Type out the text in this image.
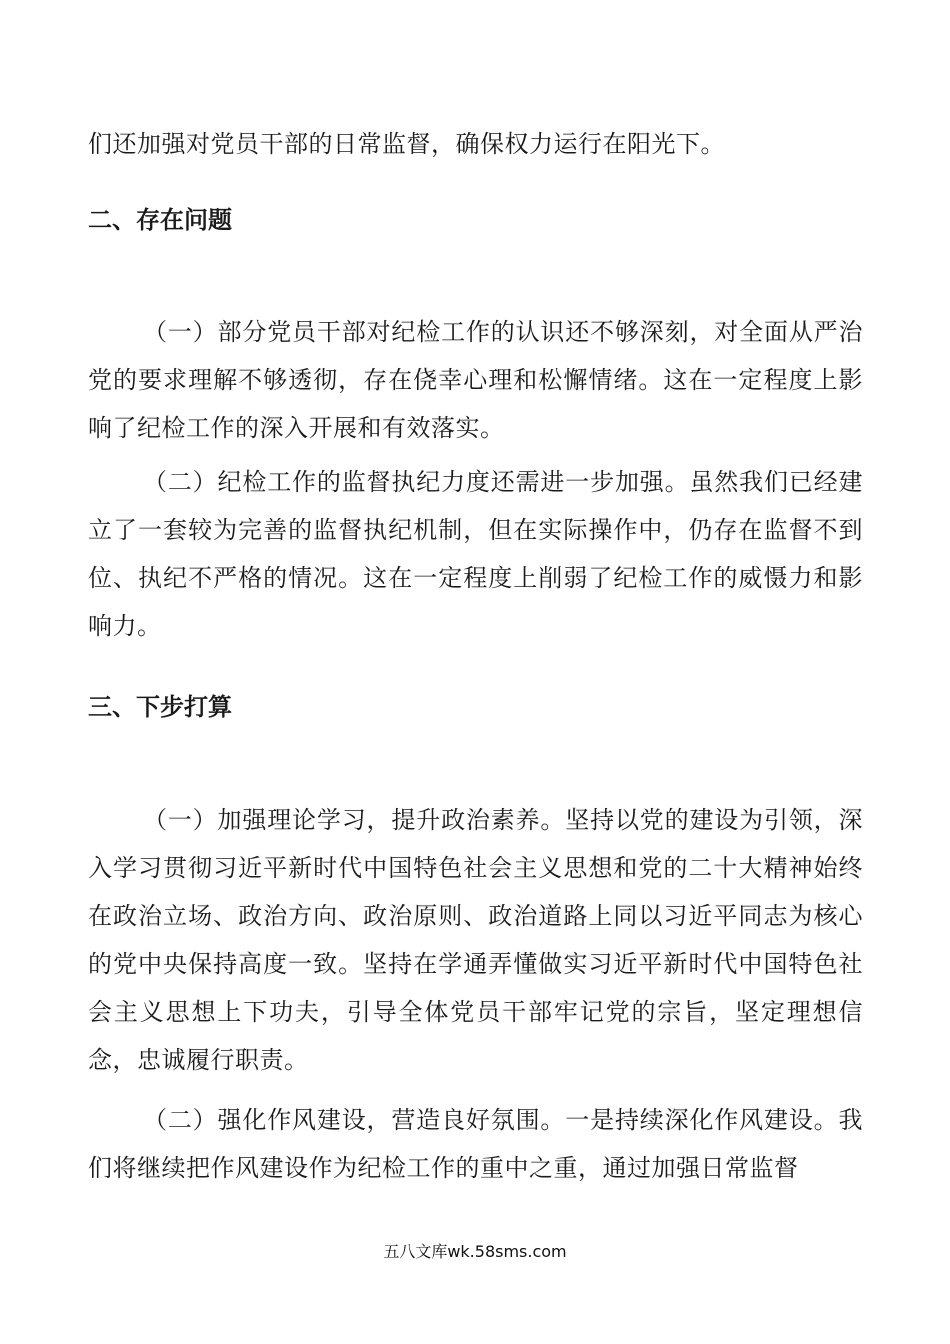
们还加强对党员干部的日常监督，确保权力运行在阳光下。

二、存在问题

（一）部分党员干部对纪检工作的认识还不够深刻，对全面从严治党的要求理解不够透彻，存在侥幸心理和松懈情绪。这在一定程度上影响了纪检工作的深入开展和有效落实。

（二）纪检工作的监督执纪力度还需进一步加强。虽然我们已经建立了一套较为完善的监督执纪机制，但在实际操作中，仍存在监督不到位、执纪不严格的情况。这在一定程度上削弱了纪检工作的威慑力和影响力。

三、下步打算

（一）加强理论学习，提升政治素养。坚持以党的建设为引领，深入学习贯彻习近平新时代中国特色社会主义思想和党的二十大精神始终在政治立场、政治方向、政治原则、政治道路上同以习近平同志为核心的党中央保持高度一致。坚持在学通弄懂做实习近平新时代中国特色社会主义思想上下功夫，引导全体党员干部牢记党的宗旨，坚定理想信念，忠诚履行职责。

（二）强化作风建设，营造良好氛围。一是持续深化作风建设。我们将继续把作风建设作为纪检工作的重中之重，通过加强日常监督

五八文库wk.58sms.com
